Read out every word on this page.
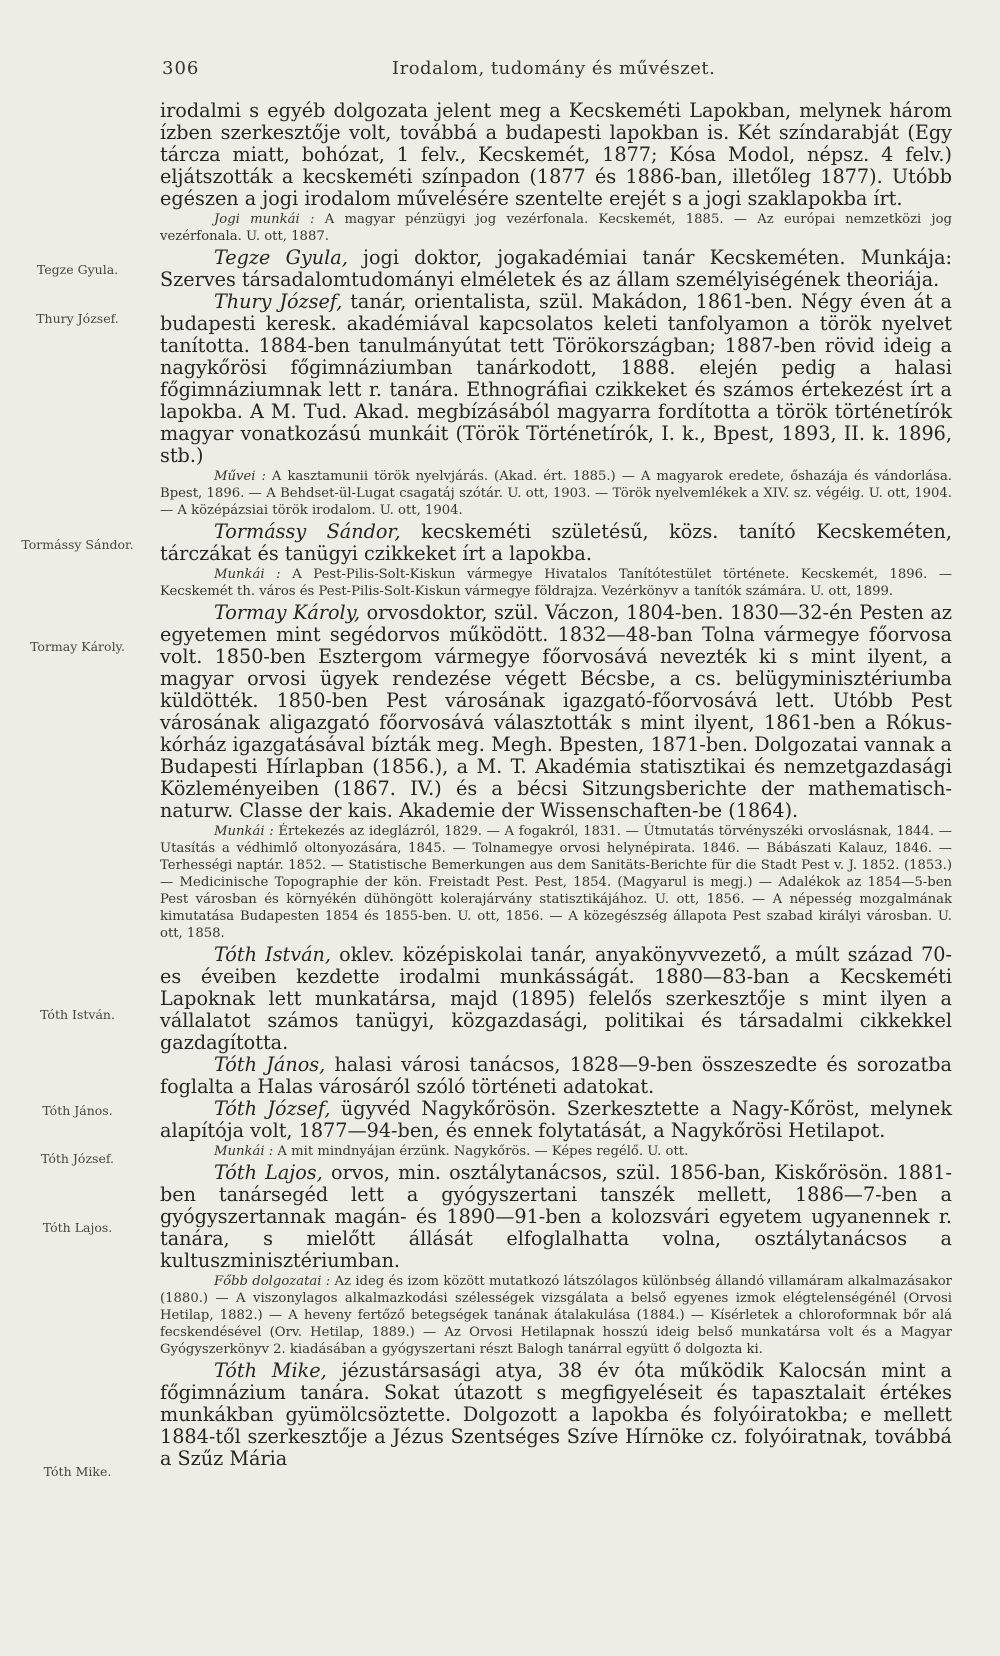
306	Irodalom, tudomány és művészet.
Tegze Gyula.
Thury József.
Tormássy Sándor.
Tormay Károly.
Tóth István.
Tóth János.
Tóth József.
Tóth Lajos.
Tóth Mike.

irodalmi s egyéb dolgozata jelent meg a Kecskeméti Lapokban, melynek három ízben szerkesztője volt, továbbá a budapesti lapokban is. Két színdarabját (Egy tárcza miatt, bohózat, 1 felv., Kecskemét, 1877; Kósa Modol, népsz. 4 felv.) eljátszották a kecskeméti színpadon (1877 és 1886-ban, illetőleg 1877). Utóbb egészen a jogi irodalom művelésére szentelte erejét s a jogi szaklapokba írt.

Jogi munkái : A magyar pénzügyi jog vezérfonala. Kecskemét, 1885. — Az európai nemzetközi jog vezérfonala. U. ott, 1887.

Tegze Gyula, jogi doktor, jogakadémiai tanár Kecskeméten. Munkája: Szerves társadalomtudományi elméletek és az állam személyiségének theoriája.

Thury József, tanár, orientalista, szül. Makádon, 1861-ben. Négy éven át a budapesti keresk. akadémiával kapcsolatos keleti tanfolyamon a török nyelvet tanította. 1884-ben tanulmányútat tett Törökországban; 1887-ben rövid ideig a nagykőrösi főgimnáziumban tanárkodott, 1888. elején pedig a halasi főgimnáziumnak lett r. tanára. Ethnográfiai czikkeket és számos értekezést írt a lapokba. A M. Tud. Akad. megbízásából magyarra fordította a török történetírók magyar vonatkozású munkáit (Török Történetírók, I. k., Bpest, 1893, II. k. 1896, stb.)

Művei : A kasztamunii török nyelvjárás. (Akad. ért. 1885.) — A magyarok eredete, őshazája és vándorlása. Bpest, 1896. — A Behdset-ül-Lugat csagatáj szótár. U. ott, 1903. — Török nyelvemlékek a XIV. sz. végéig. U. ott, 1904. — A középázsiai török irodalom. U. ott, 1904.

Tormássy Sándor, kecskeméti születésű, közs. tanító Kecskeméten, tárczákat és tanügyi czikkeket írt a lapokba.

Munkái : A Pest-Pilis-Solt-Kiskun vármegye Hivatalos Tanítótestület története. Kecskemét, 1896. — Kecskemét th. város és Pest-Pilis-Solt-Kiskun vármegye földrajza. Vezérkönyv a tanítók számára. U. ott, 1899.

Tormay Károly, orvosdoktor, szül. Váczon, 1804-ben. 1830—32-én Pesten az egyetemen mint segédorvos működött. 1832—48-ban Tolna vármegye főorvosa volt. 1850-ben Esztergom vármegye főorvosává nevezték ki s mint ilyent, a magyar orvosi ügyek rendezése végett Bécsbe, a cs. belügyminisztériumba küldötték. 1850-ben Pest városának igazgató-főorvosává lett. Utóbb Pest városának aligazgató főorvosává választották s mint ilyent, 1861-ben a Rókus-kórház igazgatásával bízták meg. Megh. Bpesten, 1871-ben. Dolgozatai vannak a Budapesti Hírlapban (1856.), a M. T. Akadémia statisztikai és nemzetgazdasági Közleményeiben (1867. IV.) és a bécsi Sitzungsberichte der mathematisch-naturw. Classe der kais. Akademie der Wissenschaften-be (1864).

Munkái : Értekezés az ideglázról, 1829. — A fogakról, 1831. — Útmutatás törvényszéki orvoslásnak, 1844. — Utasítás a védhimlő oltonyozására, 1845. — Tolnamegye orvosi helynépirata. 1846. — Bábászati Kalauz, 1846. — Terhességi naptár. 1852. — Statistische Bemerkungen aus dem Sanitäts-Berichte für die Stadt Pest v. J. 1852. (1853.) — Medicinische Topographie der kön. Freistadt Pest. Pest, 1854. (Magyarul is megj.) — Adalékok az 1854—5-ben Pest városban és környékén dühöngött kolerajárvány statisztikájához. U. ott, 1856. — A népesség mozgalmának kimutatása Budapesten 1854 és 1855-ben. U. ott, 1856. — A közegészség állapota Pest szabad királyi városban. U. ott, 1858.

Tóth István, oklev. középiskolai tanár, anyakönyvvezető, a múlt század 70-es éveiben kezdette irodalmi munkásságát. 1880—83-ban a Kecskeméti Lapoknak lett munkatársa, majd (1895) felelős szerkesztője s mint ilyen a vállalatot számos tanügyi, közgazdasági, politikai és társadalmi cikkekkel gazdagította.

Tóth János, halasi városi tanácsos, 1828—9-ben összeszedte és sorozatba foglalta a Halas városáról szóló történeti adatokat.

Tóth József, ügyvéd Nagykőrösön. Szerkesztette a Nagy-Kőröst, melynek alapítója volt, 1877—94-ben, és ennek folytatását, a Nagykőrösi Hetilapot.

Munkái : A mit mindnyájan érzünk. Nagykőrös. — Képes regélő. U. ott.

Tóth Lajos, orvos, min. osztálytanácsos, szül. 1856-ban, Kiskőrösön. 1881-ben tanársegéd lett a gyógyszertani tanszék mellett, 1886—7-ben a gyógyszertannak magán- és 1890—91-ben a kolozsvári egyetem ugyanennek r. tanára, s mielőtt állását elfoglalhatta volna, osztálytanácsos a kultuszminisztériumban.

Főbb dolgozatai : Az ideg és izom között mutatkozó látszólagos különbség állandó villamáram alkalmazásakor (1880.) — A viszonylagos alkalmazkodási szélességek vizsgálata a belső egyenes izmok elégtelenségénél (Orvosi Hetilap, 1882.) — A heveny fertőző betegségek tanának átalakulása (1884.) — Kísérletek a chloroformnak bőr alá fecskendésével (Orv. Hetilap, 1889.) — Az Orvosi Hetilapnak hosszú ideig belső munkatársa volt és a Magyar Gyógyszerkönyv 2. kiadásában a gyógyszertani részt Balogh tanárral együtt ő dolgozta ki.

Tóth Mike, jézustársasági atya, 38 év óta működik Kalocsán mint a főgimnázium tanára. Sokat útazott s megfigyeléseit és tapasztalait értékes munkákban gyümölcsöztette. Dolgozott a lapokba és folyóiratokba; e mellett 1884-től szerkesztője a Jézus Szentséges Szíve Hírnöke cz. folyóiratnak, továbbá a Szűz Mária
